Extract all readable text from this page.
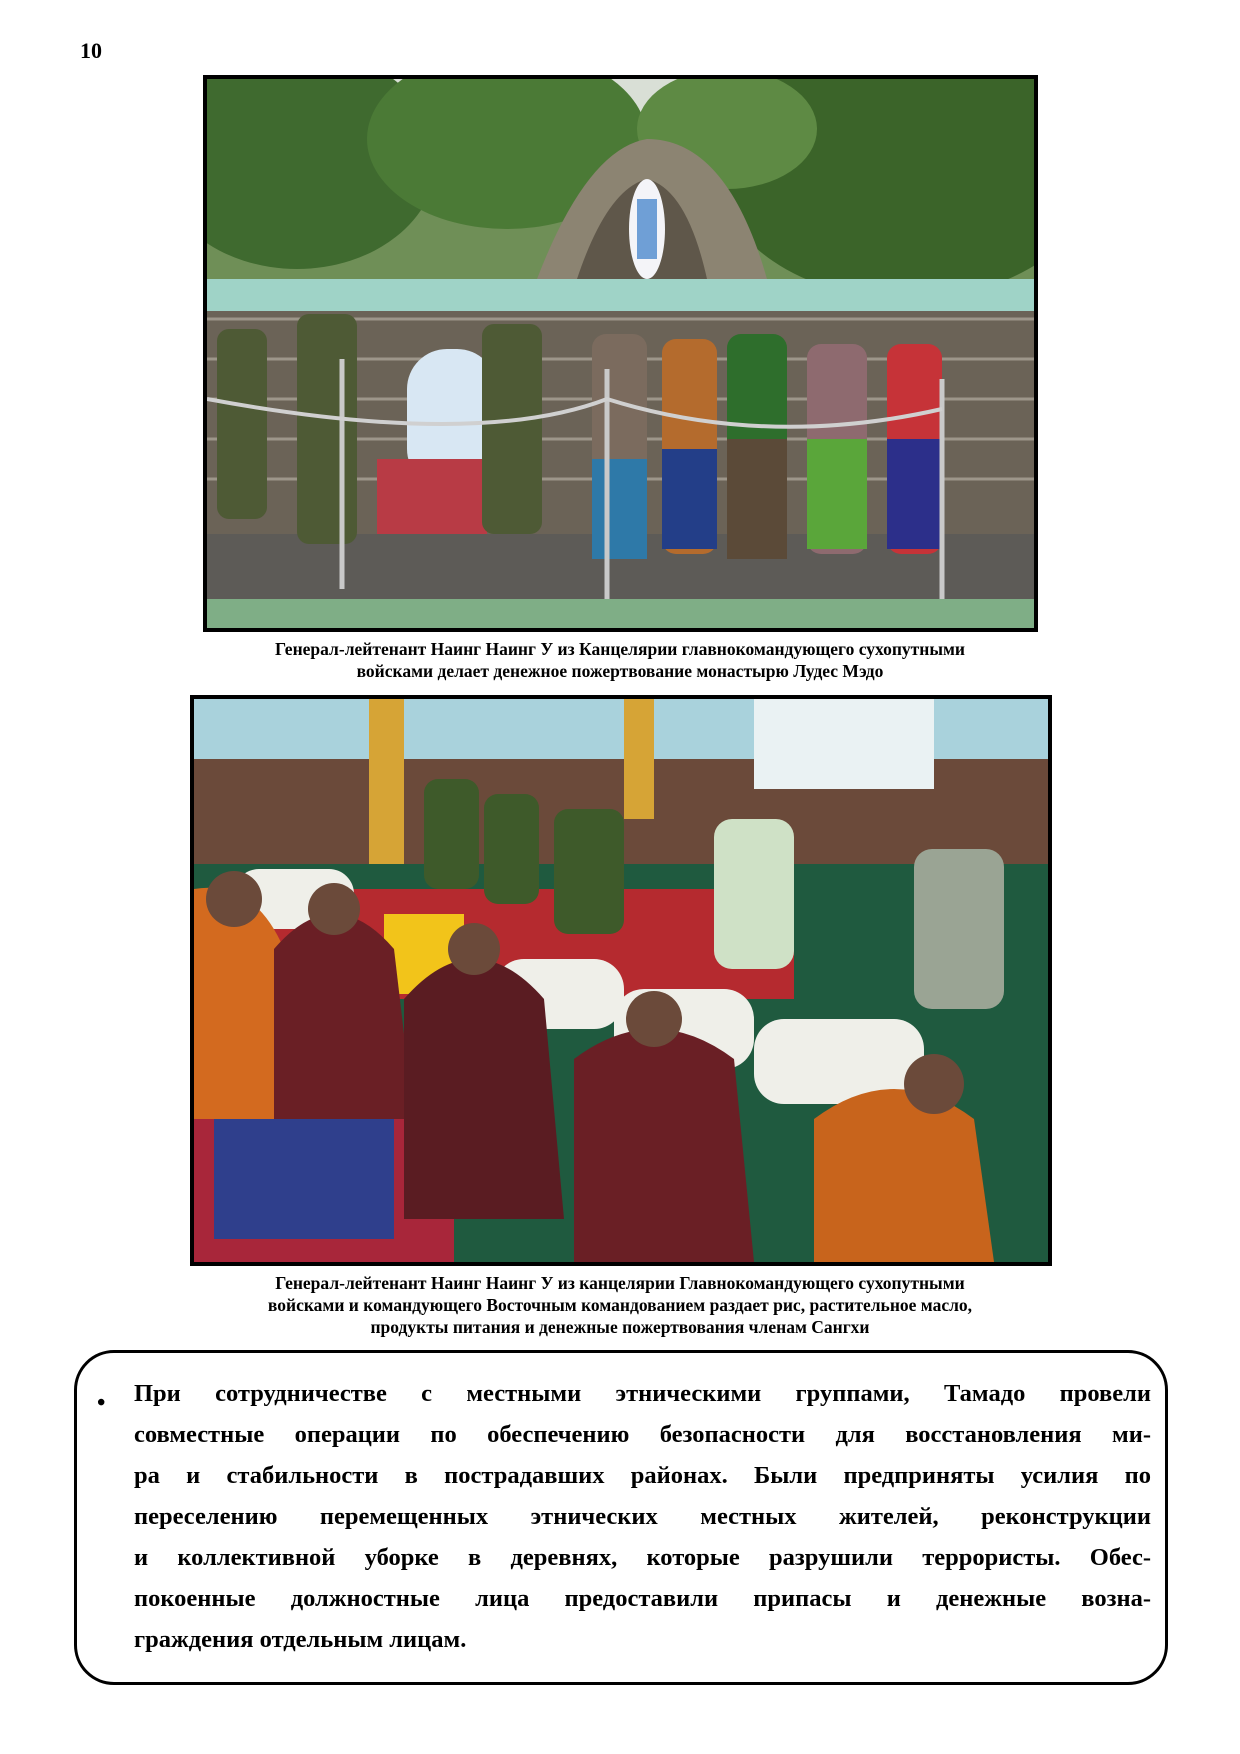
10
Генерал-лейтенант Наинг Наинг У из Канцелярии главнокомандующего сухопутными
войсками делает денежное пожертвование монастырю Лудес Мэдо
Генерал-лейтенант Наинг Наинг У из канцелярии Главнокомандующего сухопутными
войсками и командующего Восточным командованием раздает рис, растительное масло,
продукты питания и денежные пожертвования членам Сангхи
• При сотрудничестве с местными этническими группами, Тамадо провели
совместные операции по обеспечению безопасности для восстановления ми-
ра и стабильности в пострадавших районах. Были предприняты усилия по
переселению перемещенных этнических местных жителей, реконструкции
и коллективной уборке в деревнях, которые разрушили террористы. Обес-
покоенные должностные лица предоставили припасы и денежные возна-
граждения отдельным лицам.
